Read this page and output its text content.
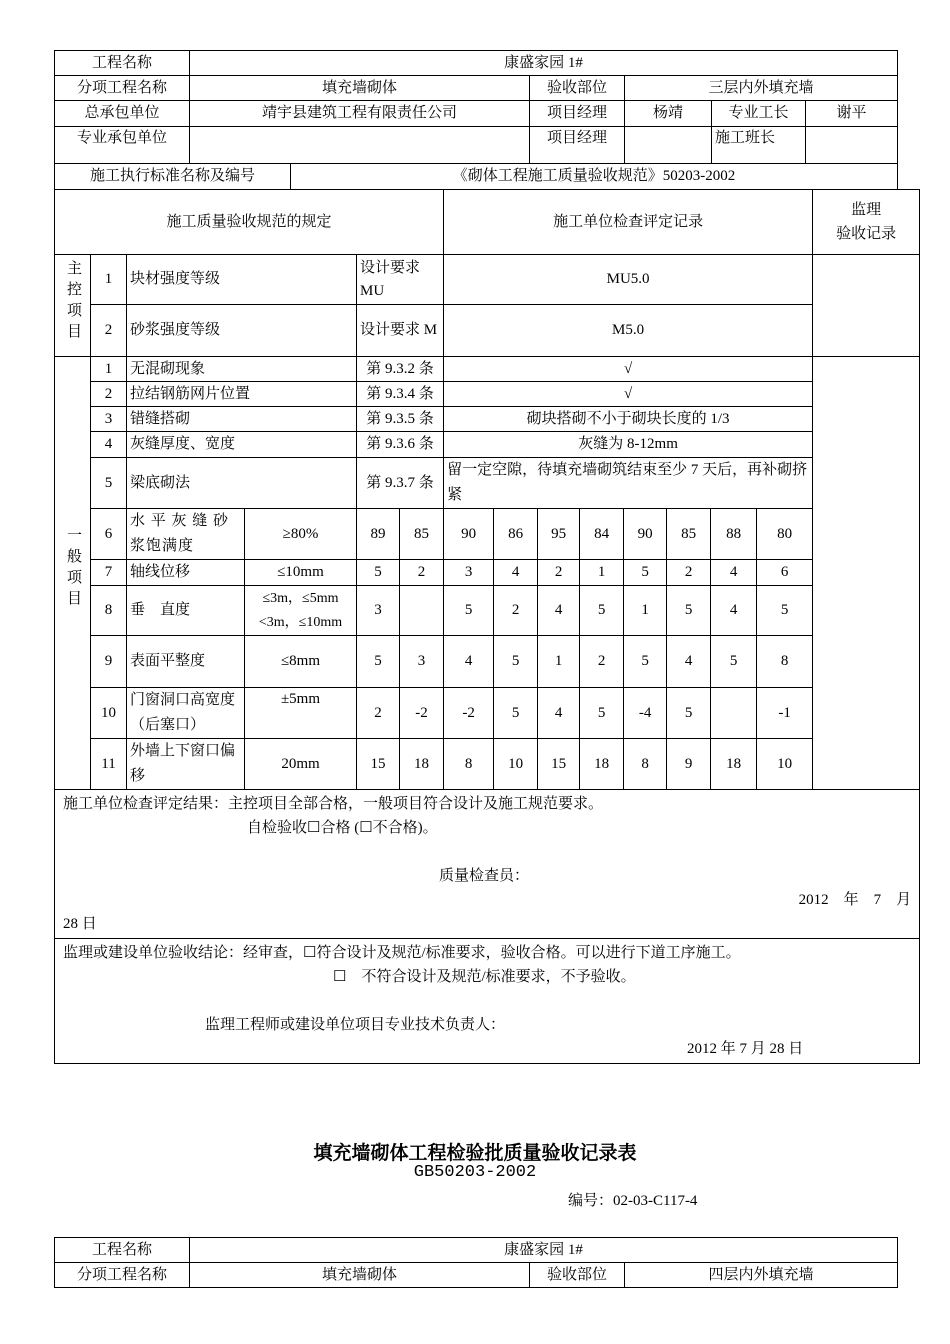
工程名称	康盛家园 1#				
分项工程名称	填充墙砌体	验收部位	三层内外填充墙		
总承包单位	靖宇县建筑工程有限责任公司	项目经理	杨靖	专业工长	谢平
专业承包单位		项目经理		施工班长	
施工执行标准名称及编号	《砌体工程施工质量验收规范》50203-2002
施工质量验收规范的规定						施工单位检查评定记录								监理
验收记录
主控项目	1	块材强度等级		设计要求 MU		MU5.0								
	2	砂浆强度等级		设计要求 M		M5.0								
一般项目	1	无混砌现象		第 9.3.2 条		√								
	2	拉结钢筋网片位置		第 9.3.4 条		√								
	3	错缝搭砌		第 9.3.5 条		砌块搭砌不小于砌块长度的 1/3								
	4	灰缝厚度、宽度		第 9.3.6 条		灰缝为 8-12mm								
	5	梁底砌法		第 9.3.7 条		留一定空隙，待填充墙砌筑结束至少 7 天后，再补砌挤紧								
	6	水 平 灰 缝 砂 浆饱满度	≥80%	89	85	90	86	95	84	90	85	88	80	
	7	轴线位移	≤10mm	5	2	3	4	2	1	5	2	4	6	
	8	垂　直度	≤3m，≤5mm <3m，≤10mm	3		5	2	4	5	1	5	4	5	
	9	表面平整度	≤8mm	5	3	4	5	1	2	5	4	5	8	
	10	门窗洞口高宽度（后塞口）	±5mm	2	-2	-2	5	4	5	-4	5		-1	
	11	外墙上下窗口偏移	20mm	15	18	8	10	15	18	8	9	18	10	

施工单位检查评定结果：主控项目全部合格，一般项目符合设计及施工规范要求。
自检验收☐合格 (☐不合格)。
质量检查员：
2012　年　7　月
28 日														

监理或建设单位验收结论：经审查，☐符合设计及规范/标准要求，验收合格。可以进行下道工序施工。
☐　不符合设计及规范/标准要求，不予验收。
监理工程师或建设单位项目专业技术负责人：
2012 年 7 月 28 日														
填充墙砌体工程检验批质量验收记录表
GB50203-2002
编号：02-03-C117-4
工程名称	康盛家园 1#		
分项工程名称	填充墙砌体	验收部位	四层内外填充墙
